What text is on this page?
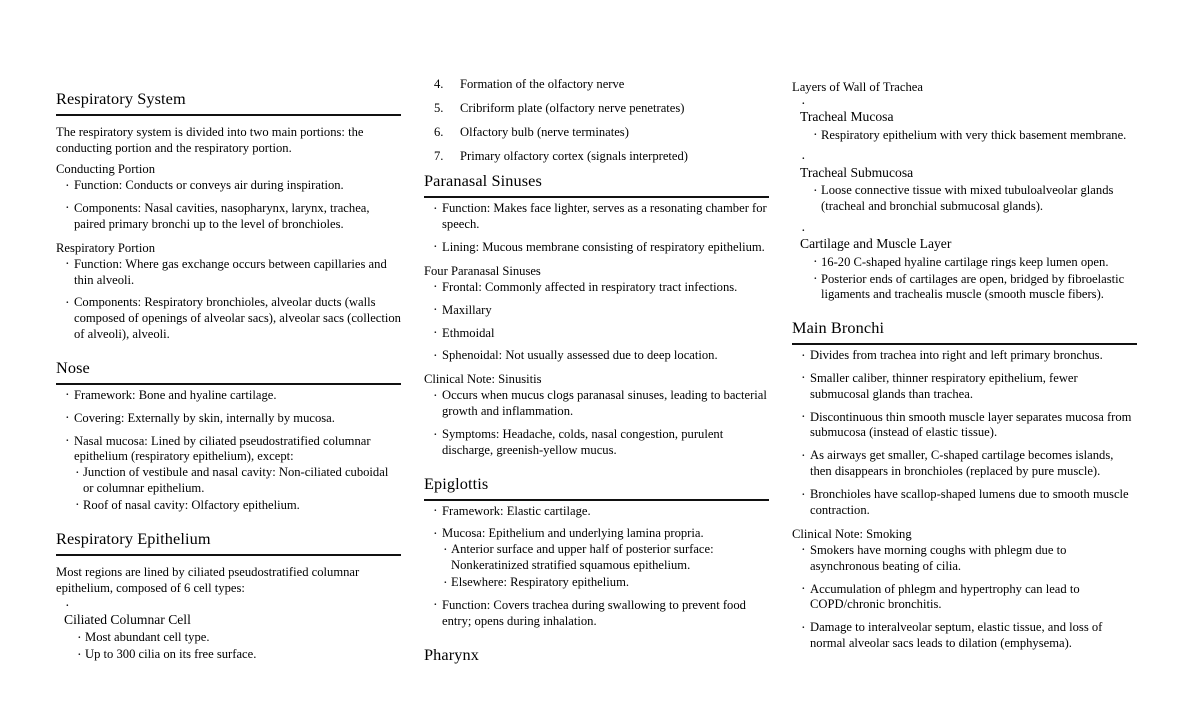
Respiratory System

The respiratory system is divided into two main portions: the conducting portion and the respiratory portion.

Conducting Portion
· Function: Conducts or conveys air during inspiration.
· Components: Nasal cavities, nasopharynx, larynx, trachea, paired primary bronchi up to the level of bronchioles.
Respiratory Portion
· Function: Where gas exchange occurs between capillaries and thin alveoli.
· Components: Respiratory bronchioles, alveolar ducts (walls composed of openings of alveolar sacs), alveolar sacs (collection of alveoli), alveoli.
Nose
· Framework: Bone and hyaline cartilage.
· Covering: Externally by skin, internally by mucosa.
· Nasal mucosa: Lined by ciliated pseudostratified columnar epithelium (respiratory epithelium), except:
· Junction of vestibule and nasal cavity: Non-ciliated cuboidal or columnar epithelium.
· Roof of nasal cavity: Olfactory epithelium.
Respiratory Epithelium

Most regions are lined by ciliated pseudostratified columnar epithelium, composed of 6 cell types:

·
Ciliated Columnar Cell
· Most abundant cell type.
· Up to 300 cilia on its free surface.
4. Formation of the olfactory nerve
5. Cribriform plate (olfactory nerve penetrates)
6. Olfactory bulb (nerve terminates)
7. Primary olfactory cortex (signals interpreted)
Paranasal Sinuses
· Function: Makes face lighter, serves as a resonating chamber for speech.
· Lining: Mucous membrane consisting of respiratory epithelium.
Four Paranasal Sinuses
· Frontal: Commonly affected in respiratory tract infections.
· Maxillary
· Ethmoidal
· Sphenoidal: Not usually assessed due to deep location.
Clinical Note: Sinusitis
· Occurs when mucus clogs paranasal sinuses, leading to bacterial growth and inflammation.
· Symptoms: Headache, colds, nasal congestion, purulent discharge, greenish-yellow mucus.
Epiglottis
· Framework: Elastic cartilage.
· Mucosa: Epithelium and underlying lamina propria.
· Anterior surface and upper half of posterior surface: Nonkeratinized stratified squamous epithelium.
· Elsewhere: Respiratory epithelium.
· Function: Covers trachea during swallowing to prevent food entry; opens during inhalation.
Pharynx
Layers of Wall of Trachea
·
Tracheal Mucosa
· Respiratory epithelium with very thick basement membrane.
·
Tracheal Submucosa
· Loose connective tissue with mixed tubuloalveolar glands (tracheal and bronchial submucosal glands).
·
Cartilage and Muscle Layer
· 16-20 C-shaped hyaline cartilage rings keep lumen open.
· Posterior ends of cartilages are open, bridged by fibroelastic ligaments and trachealis muscle (smooth muscle fibers).
Main Bronchi
· Divides from trachea into right and left primary bronchus.
· Smaller caliber, thinner respiratory epithelium, fewer submucosal glands than trachea.
· Discontinuous thin smooth muscle layer separates mucosa from submucosa (instead of elastic tissue).
· As airways get smaller, C-shaped cartilage becomes islands, then disappears in bronchioles (replaced by pure muscle).
· Bronchioles have scallop-shaped lumens due to smooth muscle contraction.
Clinical Note: Smoking
· Smokers have morning coughs with phlegm due to asynchronous beating of cilia.
· Accumulation of phlegm and hypertrophy can lead to COPD/chronic bronchitis.
· Damage to interalveolar septum, elastic tissue, and loss of normal alveolar sacs leads to dilation (emphysema).
